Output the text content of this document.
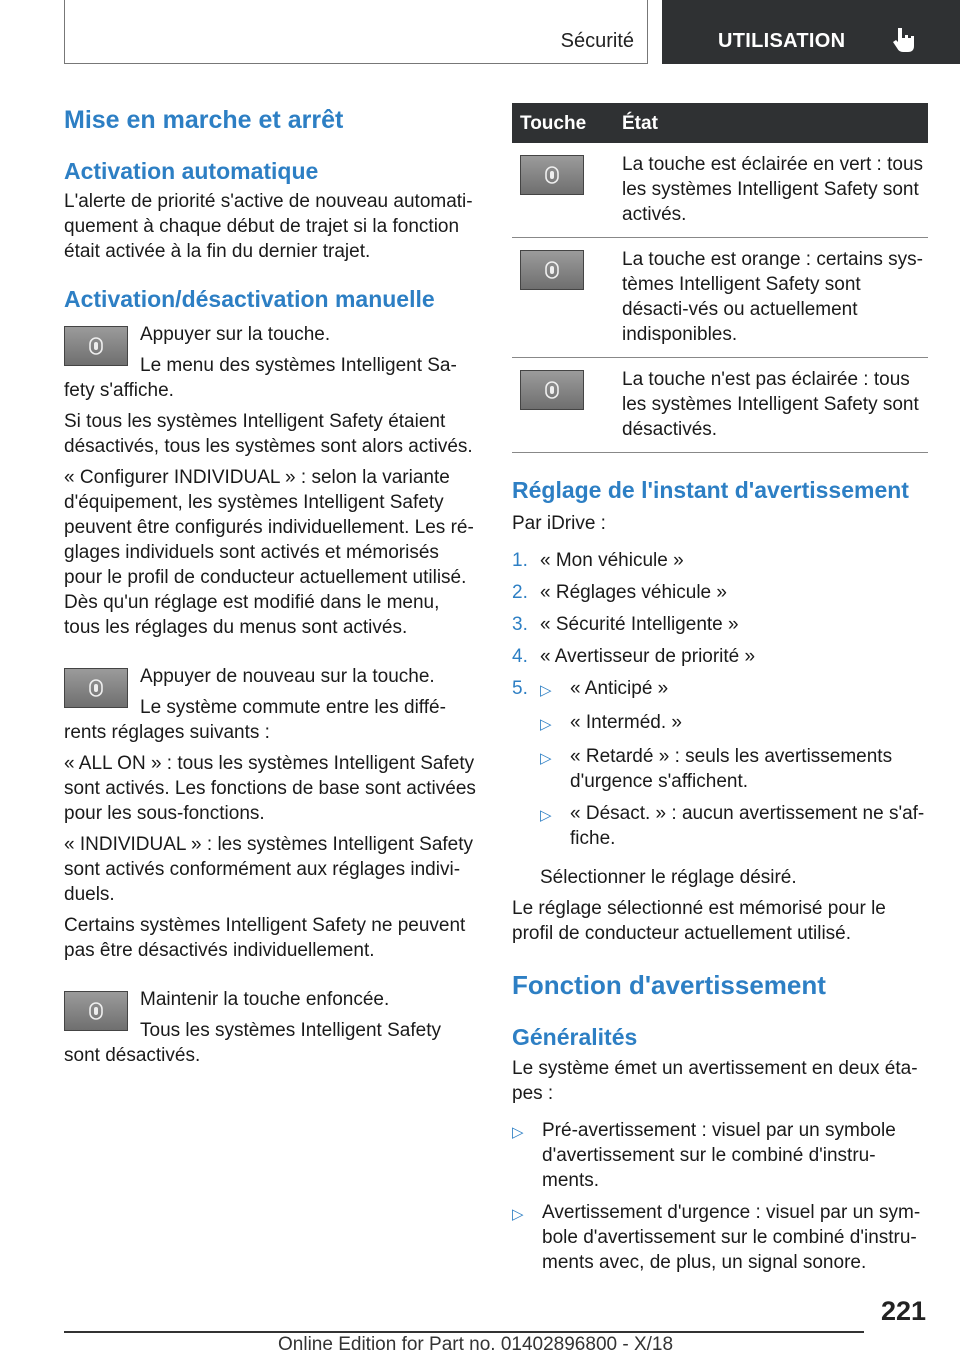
Sécurité	UTILISATION
Mise en marche et arrêt
Activation automatique

L'alerte de priorité s'active de nouveau automati-quement à chaque début de trajet si la fonction était activée à la fin du dernier trajet.

Activation/désactivation manuelle

Appuyer sur la touche.

Le menu des systèmes Intelligent Sa-fety s'affiche.

Si tous les systèmes Intelligent Safety étaient désactivés, tous les systèmes sont alors activés.

« Configurer INDIVIDUAL » : selon la variante d'équipement, les systèmes Intelligent Safety peuvent être configurés individuellement. Les ré-glages individuels sont activés et mémorisés pour le profil de conducteur actuellement utilisé. Dès qu'un réglage est modifié dans le menu, tous les réglages du menus sont activés.

Appuyer de nouveau sur la touche.

Le système commute entre les diffé-rents réglages suivants :

« ALL ON » : tous les systèmes Intelligent Safety sont activés. Les fonctions de base sont activées pour les sous-fonctions.

« INDIVIDUAL » : les systèmes Intelligent Safety sont activés conformément aux réglages indivi-duels.

Certains systèmes Intelligent Safety ne peuvent pas être désactivés individuellement.

Maintenir la touche enfoncée.

Tous les systèmes Intelligent Safety sont désactivés.

Touche	État

	La touche est éclairée en vert : tous les systèmes Intelligent Safety sont activés.

	La touche est orange : certains sys-tèmes Intelligent Safety sont désacti-vés ou actuellement indisponibles.

	La touche n'est pas éclairée : tous les systèmes Intelligent Safety sont désactivés.
Réglage de l'instant d'avertissement

Par iDrive :

1. « Mon véhicule »
2. « Réglages véhicule »
3. « Sécurité Intelligente »
4. « Avertisseur de priorité »
5. ▷ « Anticipé »
▷ « Interméd. »
▷ « Retardé » : seuls les avertissements d'urgence s'affichent.
▷ « Désact. » : aucun avertissement ne s'af-fiche.

Sélectionner le réglage désiré.

Le réglage sélectionné est mémorisé pour le profil de conducteur actuellement utilisé.

Fonction d'avertissement
Généralités

Le système émet un avertissement en deux éta-pes :

▷ Pré-avertissement : visuel par un symbole d'avertissement sur le combiné d'instru-ments.
▷ Avertissement d'urgence : visuel par un sym-bole d'avertissement sur le combiné d'instru-ments avec, de plus, un signal sonore.
221
Online Edition for Part no. 01402896800 - X/18
